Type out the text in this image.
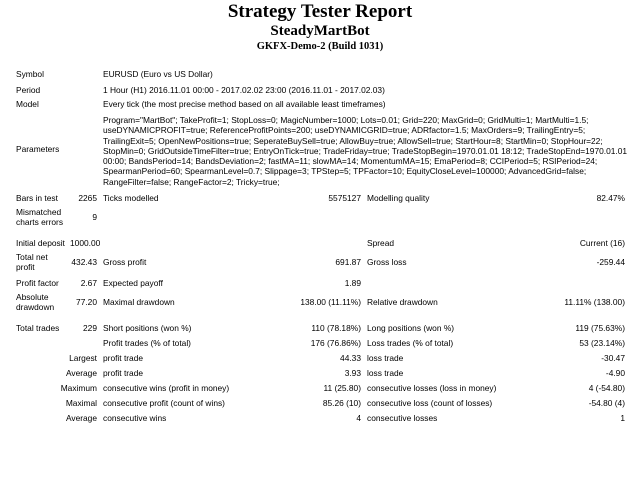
Strategy Tester Report
SteadyMartBot
GKFX-Demo-2 (Build 1031)
Symbol	EURUSD (Euro vs US Dollar)
Period	1 Hour (H1) 2016.11.01 00:00 - 2017.02.02 23:00 (2016.11.01 - 2017.02.03)
Model	Every tick (the most precise method based on all available least timeframes)
Parameters
Program="MartBot"; TakeProfit=1; StopLoss=0; MagicNumber=1000; Lots=0.01; Grid=220; MaxGrid=0; GridMulti=1; MartMulti=1.5; useDYNAMICPROFIT=true; ReferenceProfitPoints=200; useDYNAMICGRID=true; ADRfactor=1.5; MaxOrders=9; TrailingEntry=5; TrailingExit=5; OpenNewPositions=true; SeperateBuySell=true; AllowBuy=true; AllowSell=true; StartHour=8; StartMin=0; StopHour=22; StopMin=0; GridOutsideTimeFilter=true; EntryOnTick=true; TradeFriday=true; TradeStopBegin=1970.01.01 18:12; TradeStopEnd=1970.01.01 00:00; BandsPeriod=14; BandsDeviation=2; fastMA=11; slowMA=14; MomentumMA=15; EmaPeriod=8; CCIPeriod=5; RSIPeriod=24; SpearmanPeriod=60; SpearmanLevel=0.7; Slippage=3; TPStep=5; TPFactor=10; EquityCloseLevel=100000; AdvancedGrid=false; RangeFilter=false; RangeFactor=2; Tricky=true;
Bars in test	2265 Ticks modelled	5575127 Modelling quality	82.47%
Mismatched charts errors	9
Initial deposit 1000.00	Spread	Current (16)
Total net profit	432.43 Gross profit	691.87 Gross loss	-259.44
Profit factor	2.67 Expected payoff	1.89
Absolute drawdown	77.20 Maximal drawdown	138.00 (11.11%) Relative drawdown	11.11% (138.00)
Total trades	229 Short positions (won %)	110 (78.18%) Long positions (won %)	119 (75.63%)
Profit trades (% of total)	176 (76.86%) Loss trades (% of total)	53 (23.14%)
Largest profit trade	44.33 loss trade	-30.47
Average profit trade	3.93 loss trade	-4.90
Maximum consecutive wins (profit in money)	11 (25.80) consecutive losses (loss in money)	4 (-54.80)
Maximal consecutive profit (count of wins)	85.26 (10) consecutive loss (count of losses)	-54.80 (4)
Average consecutive wins	4 consecutive losses	1
